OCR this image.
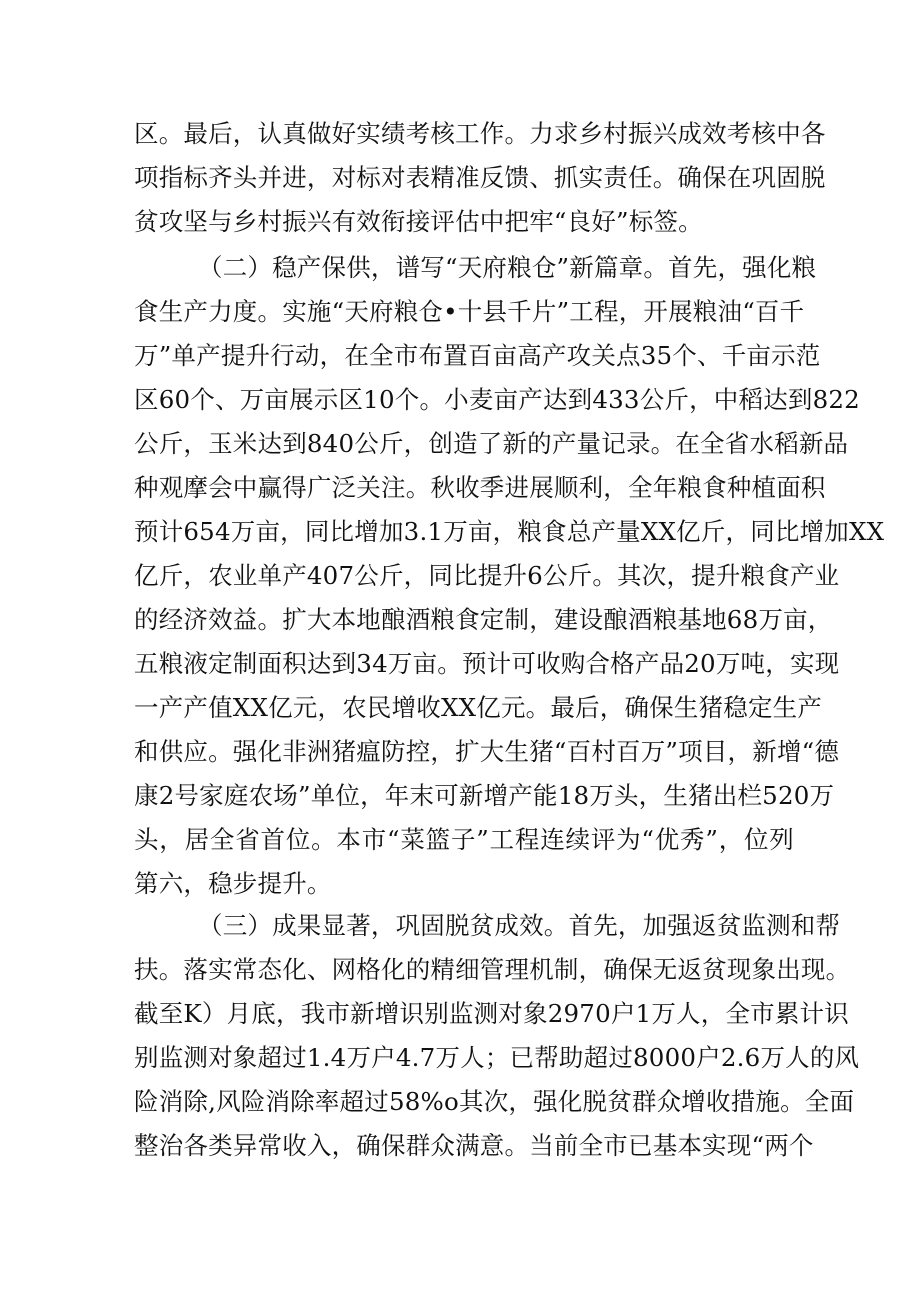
区。最后，认真做好实绩考核工作。力求乡村振兴成效考核中各
项指标齐头并进，对标对表精准反馈、抓实责任。确保在巩固脱
贫攻坚与乡村振兴有效衔接评估中把牢“良好”标签。
（二）稳产保供，谱写“天府粮仓”新篇章。首先，强化粮
食生产力度。实施“天府粮仓•十县千片”工程，开展粮油“百千
万”单产提升行动，在全市布置百亩高产攻关点35个、千亩示范
区60个、万亩展示区10个。小麦亩产达到433公斤，中稻达到822
公斤，玉米达到840公斤，创造了新的产量记录。在全省水稻新品
种观摩会中赢得广泛关注。秋收季进展顺利，全年粮食种植面积
预计654万亩，同比增加3.1万亩，粮食总产量XX亿斤，同比增加XX
亿斤，农业单产407公斤，同比提升6公斤。其次，提升粮食产业
的经济效益。扩大本地酿酒粮食定制，建设酿酒粮基地68万亩，
五粮液定制面积达到34万亩。预计可收购合格产品20万吨，实现
一产产值XX亿元，农民增收XX亿元。最后，确保生猪稳定生产
和供应。强化非洲猪瘟防控，扩大生猪“百村百万”项目，新增“德
康2号家庭农场”单位，年末可新增产能18万头，生猪出栏520万
头，居全省首位。本市“菜篮子”工程连续评为“优秀”，位列
第六，稳步提升。
（三）成果显著，巩固脱贫成效。首先，加强返贫监测和帮
扶。落实常态化、网格化的精细管理机制，确保无返贫现象出现。
截至K）月底，我市新增识别监测对象2970户1万人，全市累计识
别监测对象超过1.4万户4.7万人；已帮助超过8000户2.6万人的风
险消除,风险消除率超过58%o其次，强化脱贫群众增收措施。全面
整治各类异常收入，确保群众满意。当前全市已基本实现“两个
